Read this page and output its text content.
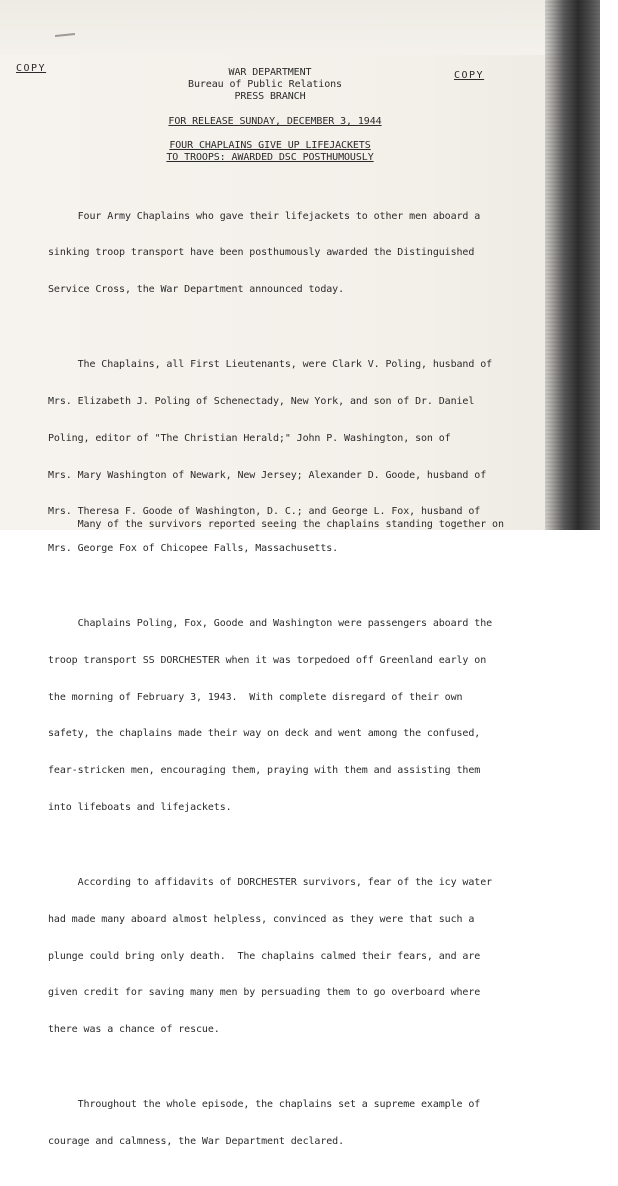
COPY
COPY
WAR DEPARTMENT
Bureau of Public Relations
PRESS BRANCH
FOR RELEASE SUNDAY, DECEMBER 3, 1944
FOUR CHAPLAINS GIVE UP LIFEJACKETS
TO TROOPS: AWARDED DSC POSTHUMOUSLY

Four Army Chaplains who gave their lifejackets to other men aboard a

sinking troop transport have been posthumously awarded the Distinguished

Service Cross, the War Department announced today.

The Chaplains, all First Lieutenants, were Clark V. Poling, husband of

Mrs. Elizabeth J. Poling of Schenectady, New York, and son of Dr. Daniel

Poling, editor of "The Christian Herald;" John P. Washington, son of

Mrs. Mary Washington of Newark, New Jersey; Alexander D. Goode, husband of

Mrs. Theresa F. Goode of Washington, D. C.; and George L. Fox, husband of

Mrs. George Fox of Chicopee Falls, Massachusetts.

Chaplains Poling, Fox, Goode and Washington were passengers aboard the

troop transport SS DORCHESTER when it was torpedoed off Greenland early on

the morning of February 3, 1943.  With complete disregard of their own

safety, the chaplains made their way on deck and went among the confused,

fear-stricken men, encouraging them, praying with them and assisting them

into lifeboats and lifejackets.

According to affidavits of DORCHESTER survivors, fear of the icy water

had made many aboard almost helpless, convinced as they were that such a

plunge could bring only death.  The chaplains calmed their fears, and are

given credit for saving many men by persuading them to go overboard where

there was a chance of rescue.

Throughout the whole episode, the chaplains set a supreme example of

courage and calmness, the War Department declared.

Many of the survivors reported seeing the chaplains standing together on
